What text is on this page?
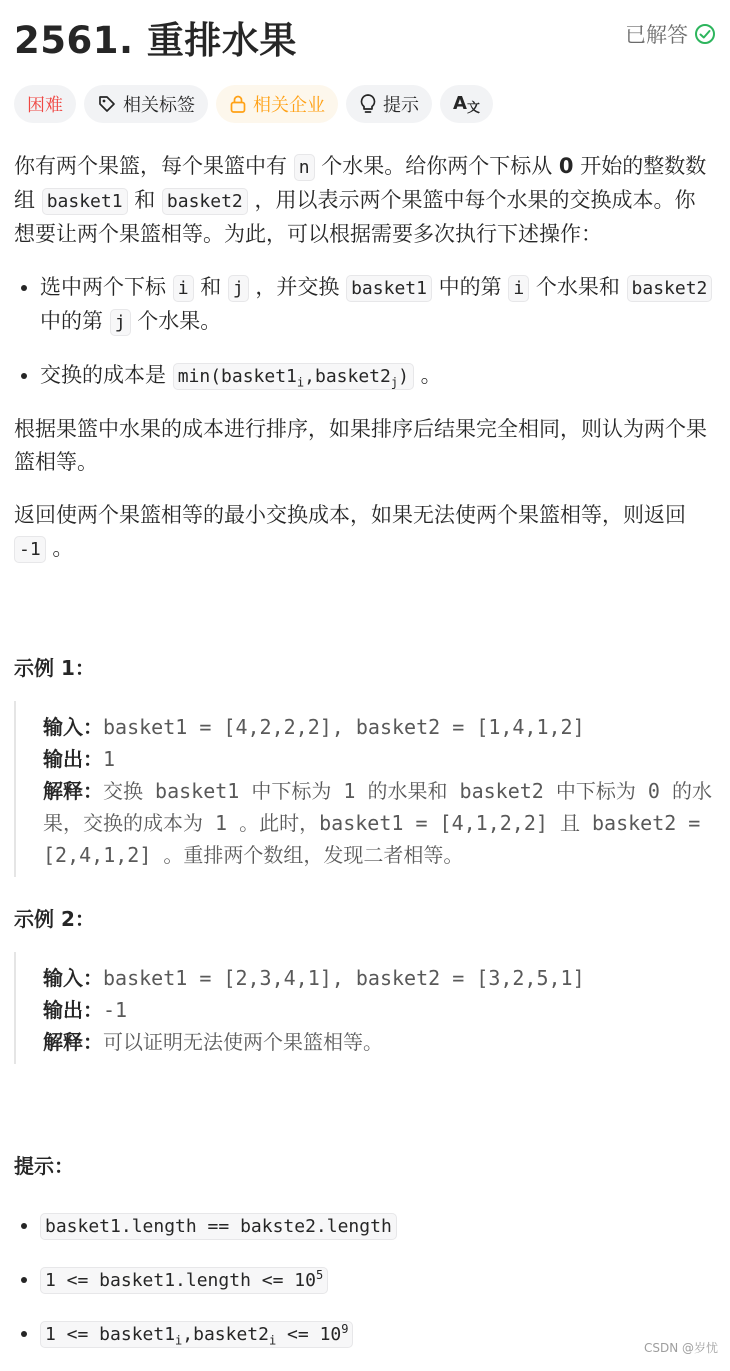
2561. 重排水果	已解答
困难	相关标签	相关企业	提示 A文

你有两个果篮，每个果篮中有 n 个水果。给你两个下标从 0 开始的整数数组 basket1 和 basket2 ，用以表示两个果篮中每个水果的交换成本。你想要让两个果篮相等。为此，可以根据需要多次执行下述操作：

• 选中两个下标 i 和 j ，并交换 basket1 中的第 i 个水果和 basket2 中的第 j 个水果。
• 交换的成本是 $\min(basket1_i,basket2_j)$ 。

根据果篮中水果的成本进行排序，如果排序后结果完全相同，则认为两个果篮相等。

返回使两个果篮相等的最小交换成本，如果无法使两个果篮相等，则返回 -1 。

示例 1：

输入：basket1 = [4,2,2,2], basket2 = [1,4,1,2]
输出：1
解释：交换 basket1 中下标为 1 的水果和 basket2 中下标为 0 的水果，交换的成本为 1 。此时，basket1 = [4,1,2,2] 且 basket2 = [2,4,1,2] 。重排两个数组，发现二者相等。

示例 2：

输入：basket1 = [2,3,4,1], basket2 = [3,2,5,1]
输出：-1
解释：可以证明无法使两个果篮相等。

提示：

• basket1.length == bakste2.length
• 1 <= basket1.length <= $10^5$
• $1 <= basket1_i,basket2_i <= 10^9$
CSDN @岁忧
